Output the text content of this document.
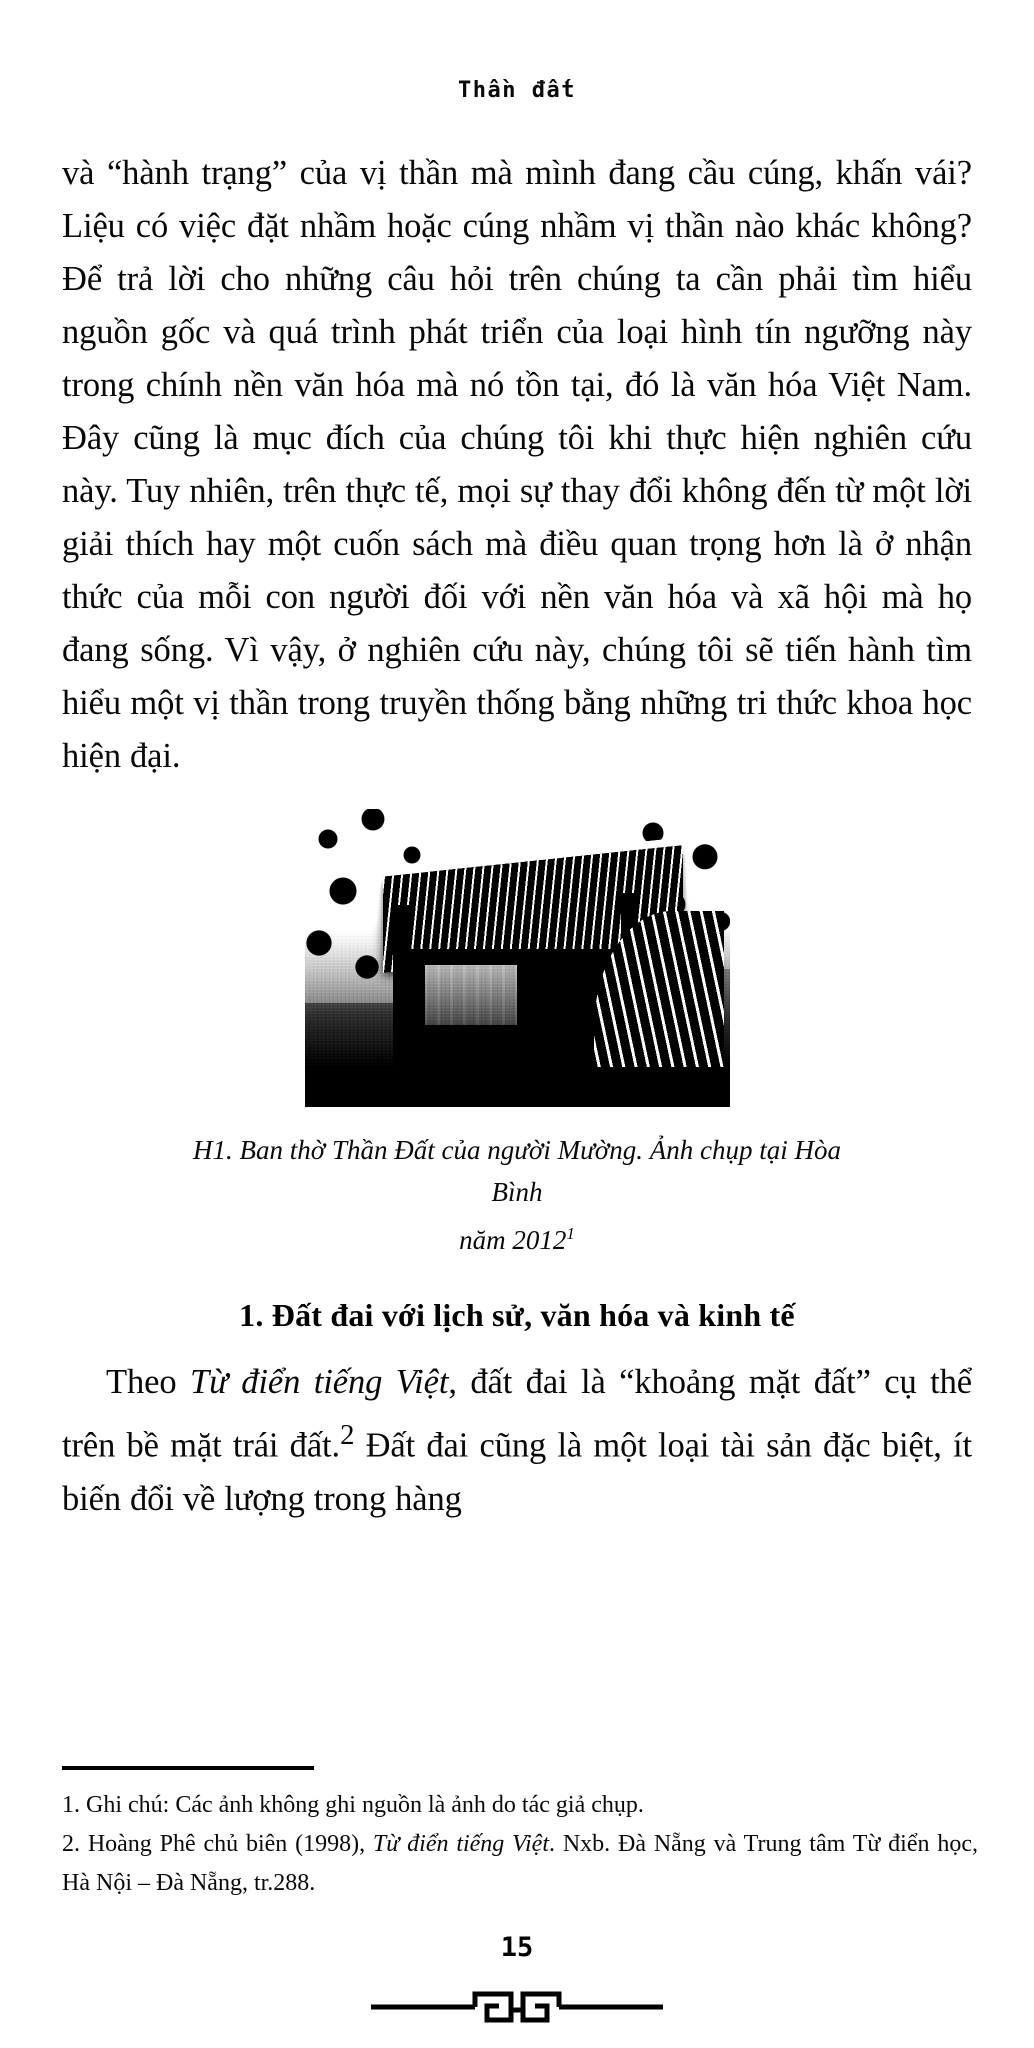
Thần đất

và “hành trạng” của vị thần mà mình đang cầu cúng, khấn vái? Liệu có việc đặt nhầm hoặc cúng nhầm vị thần nào khác không? Để trả lời cho những câu hỏi trên chúng ta cần phải tìm hiểu nguồn gốc và quá trình phát triển của loại hình tín ngưỡng này trong chính nền văn hóa mà nó tồn tại, đó là văn hóa Việt Nam. Đây cũng là mục đích của chúng tôi khi thực hiện nghiên cứu này. Tuy nhiên, trên thực tế, mọi sự thay đổi không đến từ một lời giải thích hay một cuốn sách mà điều quan trọng hơn là ở nhận thức của mỗi con người đối với nền văn hóa và xã hội mà họ đang sống. Vì vậy, ở nghiên cứu này, chúng tôi sẽ tiến hành tìm hiểu một vị thần trong truyền thống bằng những tri thức khoa học hiện đại.

H1. Ban thờ Thần Đất của người Mường. Ảnh chụp tại Hòa Bình
năm 2012$^1$
1. Đất đai với lịch sử, văn hóa và kinh tế

Theo Từ điển tiếng Việt, đất đai là “khoảng mặt đất” cụ thể trên bề mặt trái đất.$^2$ Đất đai cũng là một loại tài sản đặc biệt, ít biến đổi về lượng trong hàng

1. Ghi chú: Các ảnh không ghi nguồn là ảnh do tác giả chụp.
2. Hoàng Phê chủ biên (1998), Từ điển tiếng Việt. Nxb. Đà Nẵng và Trung tâm Từ điển học, Hà Nội – Đà Nẵng, tr.288.
15
